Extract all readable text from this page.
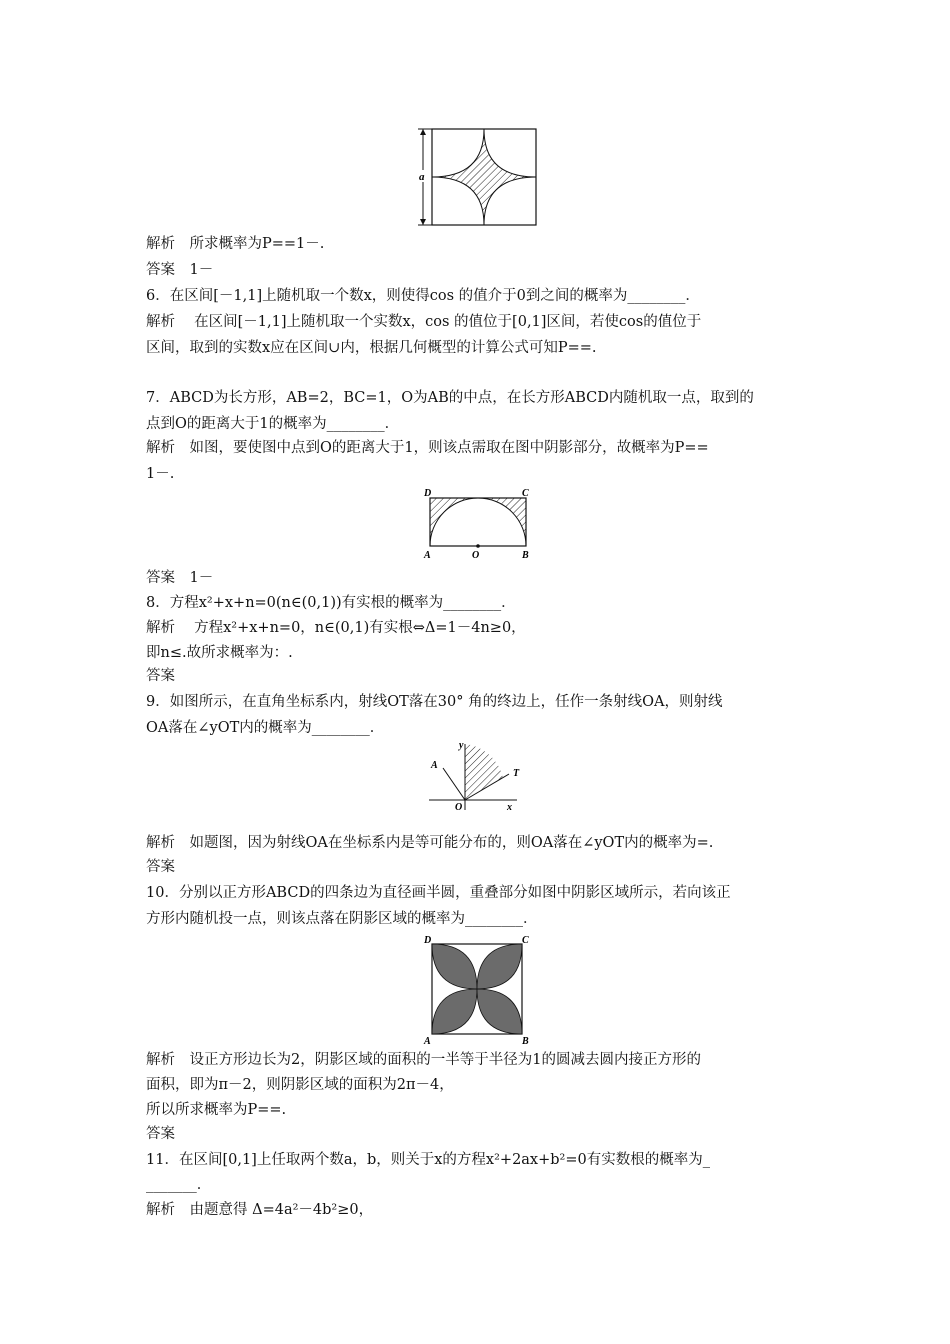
a
D	C
A	O	B
y
A
T
O	x
D	C
A	B
解析　所求概率为P==1－.
答案　1－
6．在区间[－1,1]上随机取一个数x，则使得cos 的值介于0到之间的概率为________．
解析　 在区间[－1,1]上随机取一个实数x，cos 的值位于[0,1]区间，若使cos的值位于
区间，取到的实数x应在区间∪内，根据几何概型的计算公式可知P==.
7．ABCD为长方形，AB=2，BC=1，O为AB的中点，在长方形ABCD内随机取一点，取到的
点到O的距离大于1的概率为________．
解析　如图，要使图中点到O的距离大于1，则该点需取在图中阴影部分，故概率为P==
1－.
答案　1－
8．方程x²+x+n=0(n∈(0,1))有实根的概率为________．
解析　 方程x²+x+n=0，n∈(0,1)有实根⇔Δ=1－4n≥0，
即n≤.故所求概率为：.
答案
9．如图所示，在直角坐标系内，射线OT落在30° 角的终边上，任作一条射线OA，则射线
OA落在∠yOT内的概率为________．
解析　如题图，因为射线OA在坐标系内是等可能分布的，则OA落在∠yOT内的概率为=.
答案
10．分别以正方形ABCD的四条边为直径画半圆，重叠部分如图中阴影区域所示，若向该正
方形内随机投一点，则该点落在阴影区域的概率为________．
解析　设正方形边长为2，阴影区域的面积的一半等于半径为1的圆减去圆内接正方形的
面积，即为π－2，则阴影区域的面积为2π－4，
所以所求概率为P==.
答案
11．在区间[0,1]上任取两个数a，b，则关于x的方程x²+2ax+b²=0有实数根的概率为_
_______．
解析　由题意得 Δ=4a²－4b²≥0，
